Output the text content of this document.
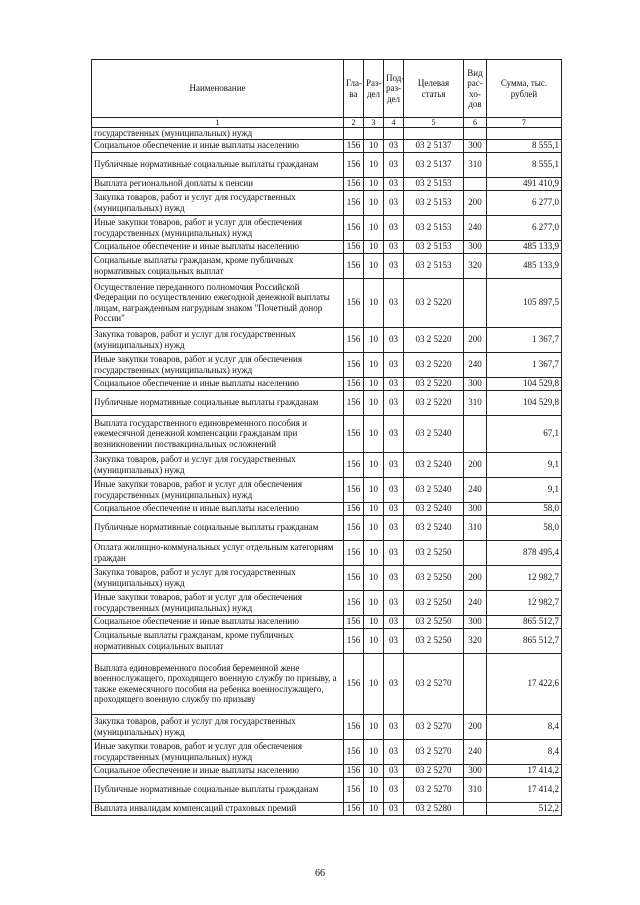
Наименование	Гла-ва	Раз-дел	Под-раз-дел	Целевая статья	Вид рас-хо-дов	Сумма, тыс. рублей
1	2	3	4	5	6	7
государственных (муниципальных) нужд						
Социальное обеспечение и иные выплаты населению	156	10	03	03 2 5137	300	8 555,1
Публичные нормативные социальные выплаты гражданам	156	10	03	03 2 5137	310	8 555,1
Выплата региональной доплаты к пенсии	156	10	03	03 2 5153		491 410,9
Закупка товаров, работ и услуг для государственных (муниципальных) нужд	156	10	03	03 2 5153	200	6 277,0
Иные закупки товаров, работ и услуг для обеспечения государственных (муниципальных) нужд	156	10	03	03 2 5153	240	6 277,0
Социальное обеспечение и иные выплаты населению	156	10	03	03 2 5153	300	485 133,9
Социальные выплаты гражданам, кроме публичных нормативных социальных выплат	156	10	03	03 2 5153	320	485 133,9
Осуществление переданного полномочия Российской Федерации по осуществлению ежегодной денежной выплаты лицам, награжденным нагрудным знаком "Почетный донор России"	156	10	03	03 2 5220		105 897,5
Закупка товаров, работ и услуг для государственных (муниципальных) нужд	156	10	03	03 2 5220	200	1 367,7
Иные закупки товаров, работ и услуг для обеспечения государственных (муниципальных) нужд	156	10	03	03 2 5220	240	1 367,7
Социальное обеспечение и иные выплаты населению	156	10	03	03 2 5220	300	104 529,8
Публичные нормативные социальные выплаты гражданам	156	10	03	03 2 5220	310	104 529,8
Выплата государственного единовременного пособия и ежемесячной денежной компенсации гражданам при возникновении поствакцинальных осложнений	156	10	03	03 2 5240		67,1
Закупка товаров, работ и услуг для государственных (муниципальных) нужд	156	10	03	03 2 5240	200	9,1
Иные закупки товаров, работ и услуг для обеспечения государственных (муниципальных) нужд	156	10	03	03 2 5240	240	9,1
Социальное обеспечение и иные выплаты населению	156	10	03	03 2 5240	300	58,0
Публичные нормативные социальные выплаты гражданам	156	10	03	03 2 5240	310	58,0
Оплата жилищно-коммунальных услуг отдельным категориям граждан	156	10	03	03 2 5250		878 495,4
Закупка товаров, работ и услуг для государственных (муниципальных) нужд	156	10	03	03 2 5250	200	12 982,7
Иные закупки товаров, работ и услуг для обеспечения государственных (муниципальных) нужд	156	10	03	03 2 5250	240	12 982,7
Социальное обеспечение и иные выплаты населению	156	10	03	03 2 5250	300	865 512,7
Социальные выплаты гражданам, кроме публичных нормативных социальных выплат	156	10	03	03 2 5250	320	865 512,7
Выплата единовременного пособия беременной жене военнослужащего, проходящего военную службу по призыву, а также ежемесячного пособия на ребенка военнослужащего, проходящего военную службу по призыву	156	10	03	03 2 5270		17 422,6
Закупка товаров, работ и услуг для государственных (муниципальных) нужд	156	10	03	03 2 5270	200	8,4
Иные закупки товаров, работ и услуг для обеспечения государственных (муниципальных) нужд	156	10	03	03 2 5270	240	8,4
Социальное обеспечение и иные выплаты населению	156	10	03	03 2 5270	300	17 414,2
Публичные нормативные социальные выплаты гражданам	156	10	03	03 2 5270	310	17 414,2
Выплата инвалидам компенсаций страховых премий	156	10	03	03 2 5280		512,2
66
